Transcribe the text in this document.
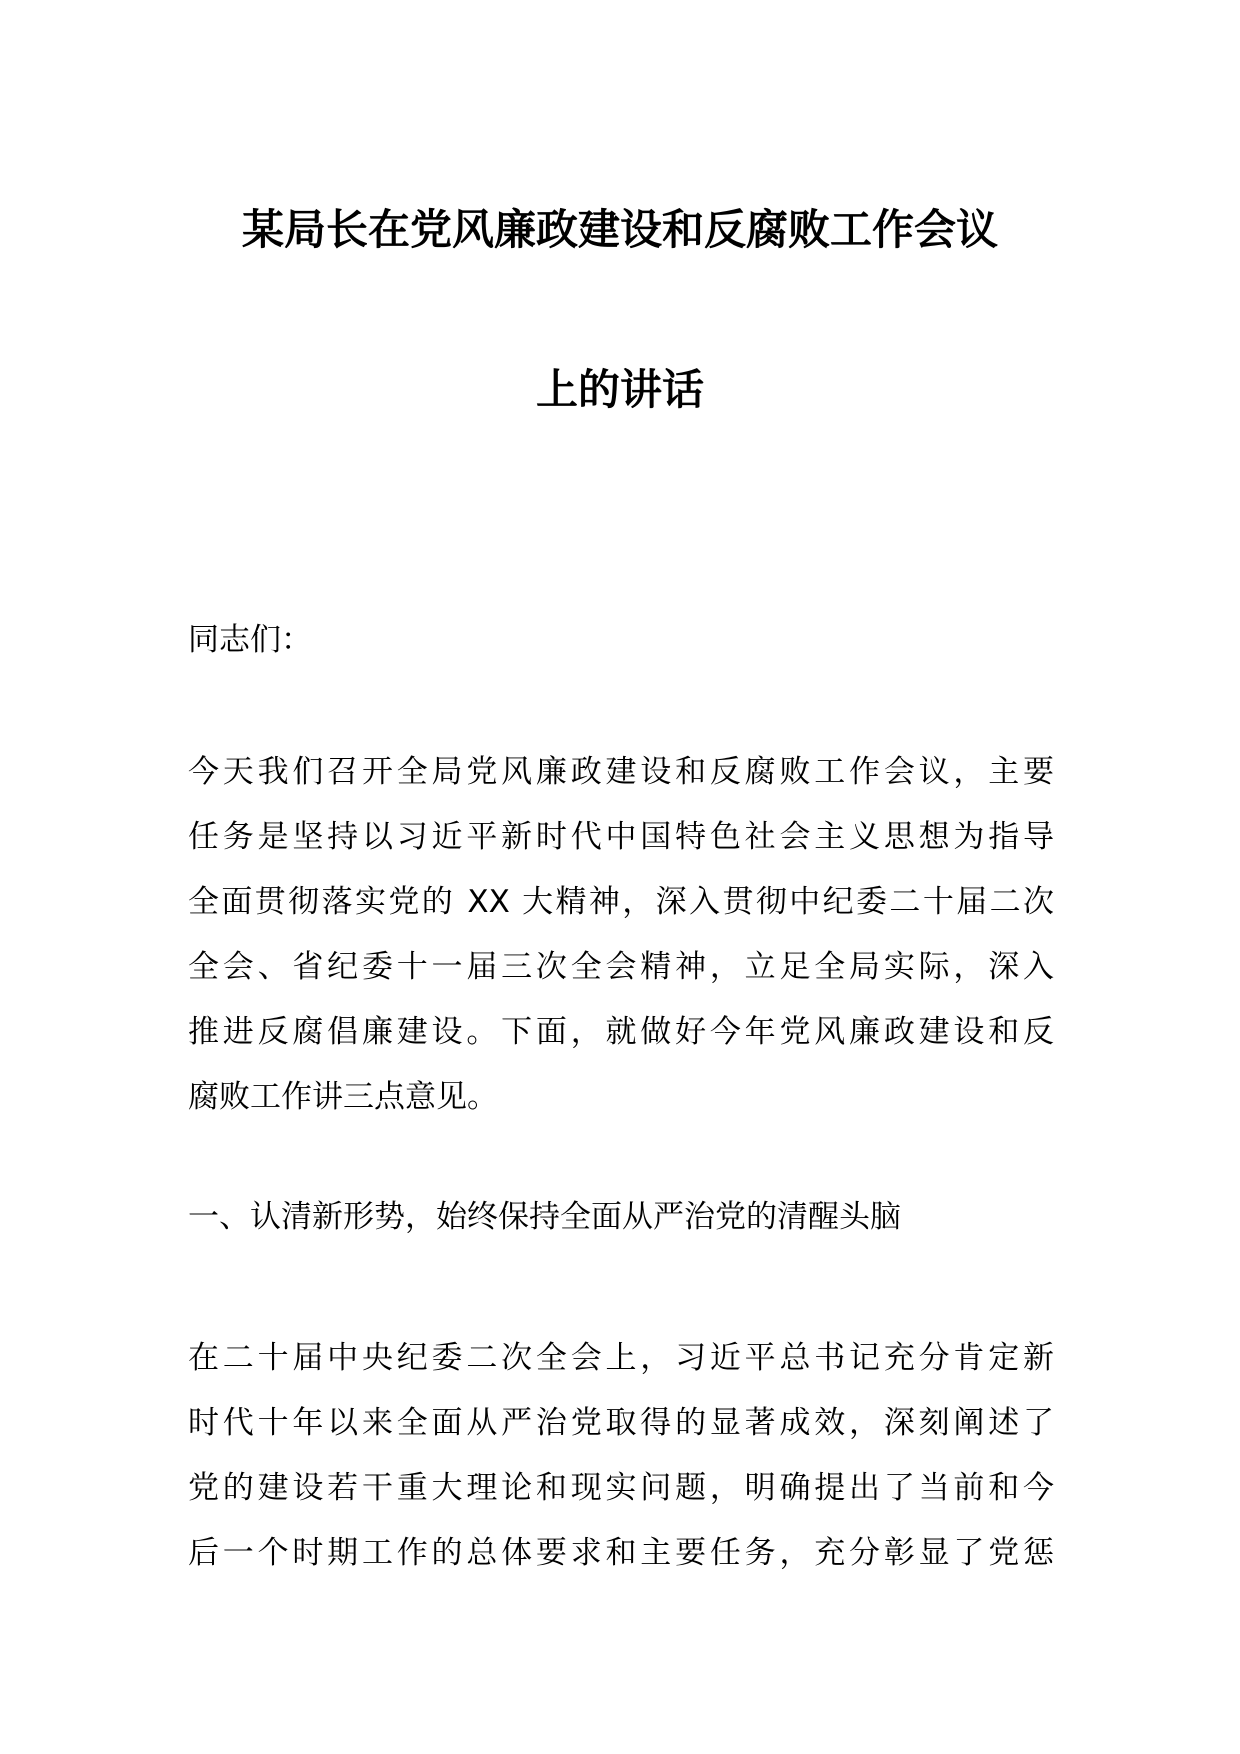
某局长在党风廉政建设和反腐败工作会议
上的讲话
同志们：
今天我们召开全局党风廉政建设和反腐败工作会议，主要
任务是坚持以习近平新时代中国特色社会主义思想为指导
全面贯彻落实党的 XX 大精神，深入贯彻中纪委二十届二次
全会、省纪委十一届三次全会精神，立足全局实际，深入
推进反腐倡廉建设。下面，就做好今年党风廉政建设和反
腐败工作讲三点意见。
一、认清新形势，始终保持全面从严治党的清醒头脑
在二十届中央纪委二次全会上，习近平总书记充分肯定新
时代十年以来全面从严治党取得的显著成效，深刻阐述了
党的建设若干重大理论和现实问题，明确提出了当前和今
后一个时期工作的总体要求和主要任务，充分彰显了党惩
